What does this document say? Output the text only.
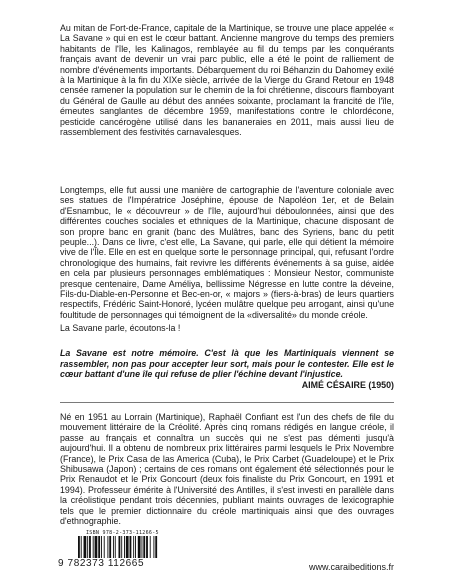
Au mitan de Fort-de-France, capitale de la Martinique, se trouve une place appelée « La Savane » qui en est le cœur battant. Ancienne mangrove du temps des premiers habitants de l'île, les Kalinagos, remblayée au fil du temps par les conquérants français avant de devenir un vrai parc public, elle a été le point de ralliement de nombre d'événements importants. Débarquement du roi Béhanzin du Dahomey exilé à la Martinique à la fin du XIXe siècle, arrivée de la Vierge du Grand Retour en 1948 censée ramener la population sur le chemin de la foi chrétienne, discours flamboyant du Général de Gaulle au début des années soixante, proclamant la francité de l'île, émeutes sanglantes de décembre 1959, manifestations contre le chlordécone, pesticide cancérogène utilisé dans les bananeraies en 2011, mais aussi lieu de rassemblement des festivités carnavalesques.

Longtemps, elle fut aussi une manière de cartographie de l'aventure coloniale avec ses statues de l'Impératrice Joséphine, épouse de Napoléon 1er, et de Belain d'Esnambuc, le « découvreur » de l'île, aujourd'hui déboulonnées, ainsi que des différentes couches sociales et ethniques de la Martinique, chacune disposant de son propre banc en granit (banc des Mulâtres, banc des Syriens, banc du petit peuple...). Dans ce livre, c'est elle, La Savane, qui parle, elle qui détient la mémoire vive de l'Île. Elle en est en quelque sorte le personnage principal, qui, refusant l'ordre chronologique des humains, fait revivre les différents événements à sa guise, aidée en cela par plusieurs personnages emblématiques : Monsieur Nestor, communiste presque centenaire, Dame Améliya, bellissime Négresse en lutte contre la déveine, Fils-du-Diable-en-Personne et Bec-en-or, « majors » (fiers-à-bras) de leurs quartiers respectifs, Frédéric Saint-Honoré, lycéen mulâtre quelque peu arrogant, ainsi qu'une foultitude de personnages qui témoignent de la «diversalité» du monde créole.

La Savane parle, écoutons-la !

La Savane est notre mémoire. C'est là que les Martiniquais viennent se rassembler, non pas pour accepter leur sort, mais pour le contester. Elle est le cœur battant d'une île qui refuse de plier l'échine devant l'injustice.

AIMÉ CÉSAIRE (1950)

Né en 1951 au Lorrain (Martinique), Raphaël Confiant est l'un des chefs de file du mouvement littéraire de la Créolité. Après cinq romans rédigés en langue créole, il passe au français et connaîtra un succès qui ne s'est pas démenti jusqu'à aujourd'hui. Il a obtenu de nombreux prix littéraires parmi lesquels le Prix Novembre (France), le Prix Casa de las America (Cuba), le Prix Carbet (Guadeloupe) et le Prix Shibusawa (Japon) ; certains de ces romans ont également été sélectionnés pour le Prix Renaudot et le Prix Goncourt (deux fois finaliste du Prix Goncourt, en 1991 et 1994). Professeur émérite à l'Université des Antilles, il s'est investi en parallèle dans la créolistique pendant trois décennies, publiant maints ouvrages de lexicographie tels que le premier dictionnaire du créole martiniquais ainsi que des ouvrages d'ethnographie.

ISBN 978-2-373-11266-5
9 782373 112665	www.caraibeditions.fr
